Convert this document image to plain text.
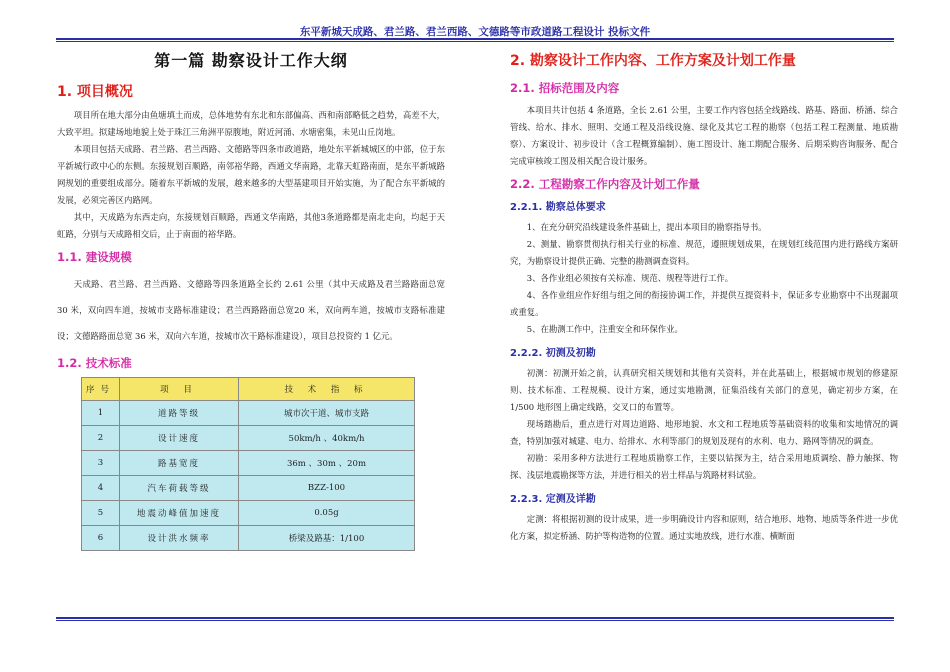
东平新城天成路、君兰路、君兰西路、文德路等市政道路工程设计 投标文件
第一篇 勘察设计工作大纲
1. 项目概况

项目所在地大部分由鱼塘填土而成，总体地势有东北和东部偏高、西和南部略低之趋势，高差不大，大致平坦。拟建场地地貌上处于珠江三角洲平原腹地，附近河涌、水塘密集，未见山丘岗地。

本项目包括天成路、君兰路、君兰西路、文德路等四条市政道路，地处东平新城城区的中部，位于东平新城行政中心的东侧。东接规划百顺路，南邻裕华路，西通文华南路，北靠天虹路南面，是东平新城路网规划的重要组成部分。随着东平新城的发展，越来越多的大型基建项目开始实施，为了配合东平新城的发展，必须完善区内路网。

其中，天成路为东西走向，东接规划百顺路，西通文华南路，其他3条道路都是南北走向，均起于天虹路，分别与天成路相交后，止于南面的裕华路。

1.1. 建设规模

天成路、君兰路、君兰西路、文德路等四条道路全长约 2.61 公里（其中天成路及君兰路路面总宽 30 米，双向四车道，按城市支路标准建设；君兰西路路面总宽20 米，双向两车道，按城市支路标准建设；文德路路面总宽 36 米，双向六车道，按城市次干路标准建设），项目总投资约 1 亿元。

1.2. 技术标准
序号	项 目	技 术 指 标
1	道路等级	城市次干道、城市支路
2	设计速度	50km/h 、40km/h
3	路基宽度	36m 、30m 、20m
4	汽车荷载等级	BZZ-100
5	地震动峰值加速度	0.05g
6	设计洪水频率	桥梁及路基：1/100
2. 勘察设计工作内容、工作方案及计划工作量
2.1. 招标范围及内容

本项目共计包括 4 条道路，全长 2.61 公里，主要工作内容包括全线路线、路基、路面、桥涵、综合管线、给水、排水、照明、交通工程及沿线设施、绿化及其它工程的勘察（包括工程工程测量、地质勘察）、方案设计、初步设计（含工程概算编制）、施工图设计、施工期配合服务、后期采购咨询服务、配合完成审核竣工图及相关配合设计服务。

2.2. 工程勘察工作内容及计划工作量
2.2.1. 勘察总体要求

1、在充分研究沿线建设条件基础上，提出本项目的勘察指导书。

2、测量、勘察贯彻执行相关行业的标准、规范，遵照规划成果，在规划红线范围内进行路线方案研究，为勘察设计提供正确、完整的勘测调查资料。

3、各作业组必须按有关标准、规范、规程等进行工作。

4、各作业组应作好组与组之间的衔接协调工作，并提供互提资料卡，保证多专业勘察中不出现漏项或重复。

5、在勘测工作中，注重安全和环保作业。

2.2.2. 初测及初勘

初测：初测开始之前，认真研究相关规划和其他有关资料，并在此基础上，根据城市规划的修建原则、技术标准、工程规模、设计方案，通过实地勘测，征集沿线有关部门的意见，确定初步方案，在 1/500 地形图上确定线路，交叉口的布置等。

现场踏勘后，重点进行对周边道路、地形地貌、水文和工程地质等基础资料的收集和实地情况的调查，特别加强对城建、电力、给排水、水利等部门的规划及现有的水利、电力、路网等情况的调查。

初勘：采用多种方法进行工程地质勘察工作，主要以钻探为主，结合采用地质调绘、静力触探、物探、浅层地震勘探等方法，并进行相关的岩土样品与筑路材料试验。

2.2.3. 定测及详勘

定测：将根据初测的设计成果，进一步明确设计内容和原则，结合地形、地物、地质等条件进一步优化方案，拟定桥涵、防护等构造物的位置。通过实地放线，进行水准、横断面
